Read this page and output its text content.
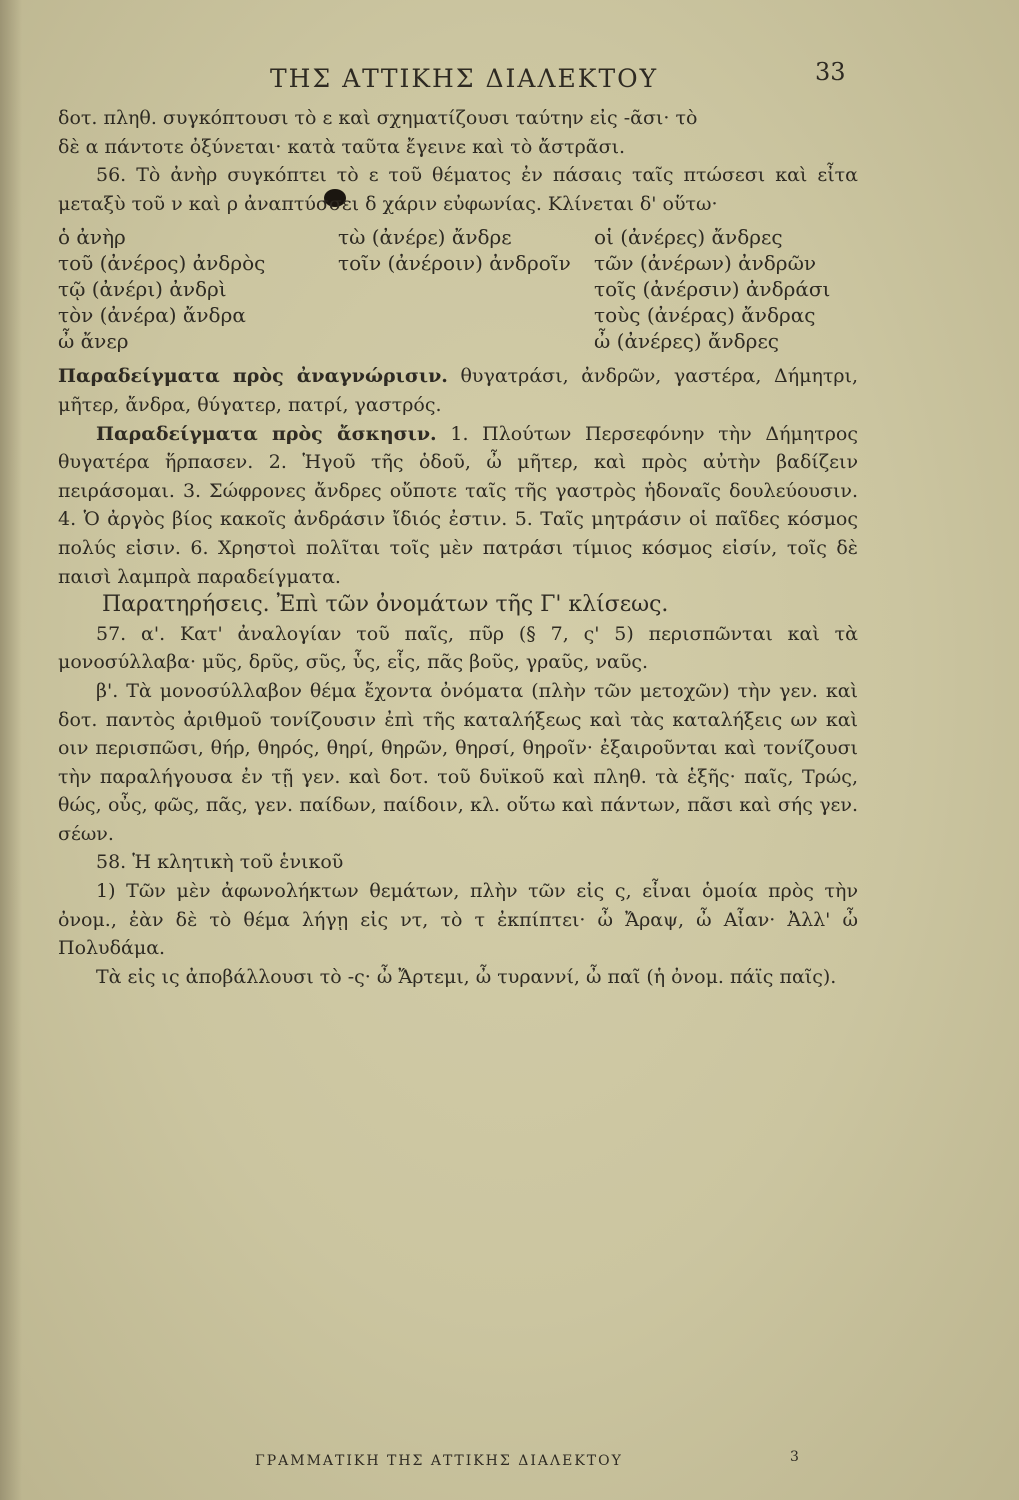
ΤΗΣ ΑΤΤΙΚΗΣ ΔΙΑΛΕΚΤΟΥ	33

δοτ. πληθ. συγκόπτουσι τὸ ε καὶ σχηματίζουσι ταύτην εἰς -ᾶσι· τὸ

δὲ α πάντοτε ὀξύνεται· κατὰ ταῦτα ἔγεινε καὶ τὸ ἄστρᾶσι.

56. Τὸ ἀνὴρ συγκόπτει τὸ ε τοῦ θέματος ἐν πάσαις ταῖς πτώσεσι καὶ εἶτα μεταξὺ τοῦ ν καὶ ρ ἀναπτύσσει δ χάριν εὐφωνίας. Κλίνεται δ' οὕτω·

ὁ ἀνὴρ
τοῦ (ἀνέρος) ἀνδρὸς
τῷ (ἀνέρι) ἀνδρὶ
τὸν (ἀνέρα) ἄνδρα
ὦ ἄνερ
τὼ (ἀνέρε) ἄνδρε
τοῖν (ἀνέροιν) ἀνδροῖν
οἱ (ἀνέρες) ἄνδρες
τῶν (ἀνέρων) ἀνδρῶν
τοῖς (ἀνέρσιν) ἀνδράσι
τοὺς (ἀνέρας) ἄνδρας
ὦ (ἀνέρες) ἄνδρες

Παραδείγματα πρὸς ἀναγνώρισιν. θυγατράσι, ἀνδρῶν, γαστέρα, Δήμητρι, μῆτερ, ἄνδρα, θύγατερ, πατρί, γαστρός.

Παραδείγματα πρὸς ἄσκησιν. 1. Πλούτων Περσεφόνην τὴν Δήμητρος θυγατέρα ἥρπασεν. 2. Ἡγοῦ τῆς ὁδοῦ, ὦ μῆτερ, καὶ πρὸς αὐτὴν βαδίζειν πειράσομαι. 3. Σώφρονες ἄνδρες οὔποτε ταῖς τῆς γαστρὸς ἡδοναῖς δουλεύουσιν. 4. Ὁ ἀργὸς βίος κακοῖς ἀνδράσιν ἴδιός ἐστιν. 5. Ταῖς μητράσιν οἱ παῖδες κόσμος πολύς εἰσιν. 6. Χρηστοὶ πολῖται τοῖς μὲν πατράσι τίμιος κόσμος εἰσίν, τοῖς δὲ παισὶ λαμπρὰ παραδείγματα.

Παρατηρήσεις. Ἐπὶ τῶν ὀνομάτων τῆς Γ' κλίσεως.

57. α'. Κατ' ἀναλογίαν τοῦ παῖς, πῦρ (§ 7, ς' 5) περισπῶνται καὶ τὰ μονοσύλλαβα· μῦς, δρῦς, σῦς, ὗς, εἷς, πᾶς βοῦς, γραῦς, ναῦς.

β'. Τὰ μονοσύλλαβον θέμα ἔχοντα ὀνόματα (πλὴν τῶν μετοχῶν) τὴν γεν. καὶ δοτ. παντὸς ἀριθμοῦ τονίζουσιν ἐπὶ τῆς καταλήξεως καὶ τὰς καταλήξεις ων καὶ οιν περισπῶσι, θήρ, θηρός, θηρί, θηρῶν, θηρσί, θηροῖν· ἐξαιροῦνται καὶ τονίζουσι τὴν παραλήγουσα ἐν τῇ γεν. καὶ δοτ. τοῦ δυϊκοῦ καὶ πληθ. τὰ ἑξῆς· παῖς, Τρώς, θώς, οὖς, φῶς, πᾶς, γεν. παίδων, παίδοιν, κλ. οὕτω καὶ πάντων, πᾶσι καὶ σής γεν. σέων.

58. Ἡ κλητικὴ τοῦ ἑνικοῦ

1) Τῶν μὲν ἀφωνολήκτων θεμάτων, πλὴν τῶν εἰς ς, εἶναι ὁμοία πρὸς τὴν ὀνομ., ἐὰν δὲ τὸ θέμα λήγῃ εἰς ντ, τὸ τ ἐκπίπτει· ὦ Ἄραψ, ὦ Αἶαν· Ἀλλ' ὦ Πολυδάμα.

Τὰ εἰς ις ἀποβάλλουσι τὸ -ς· ὦ Ἄρτεμι, ὦ τυραννί, ὦ παῖ (ἡ ὀνομ. πάϊς παῖς).

ΓΡΑΜΜΑΤΙΚΗ ΤΗΣ ΑΤΤΙΚΗΣ ΔΙΑΛΕΚΤΟΥ	3
